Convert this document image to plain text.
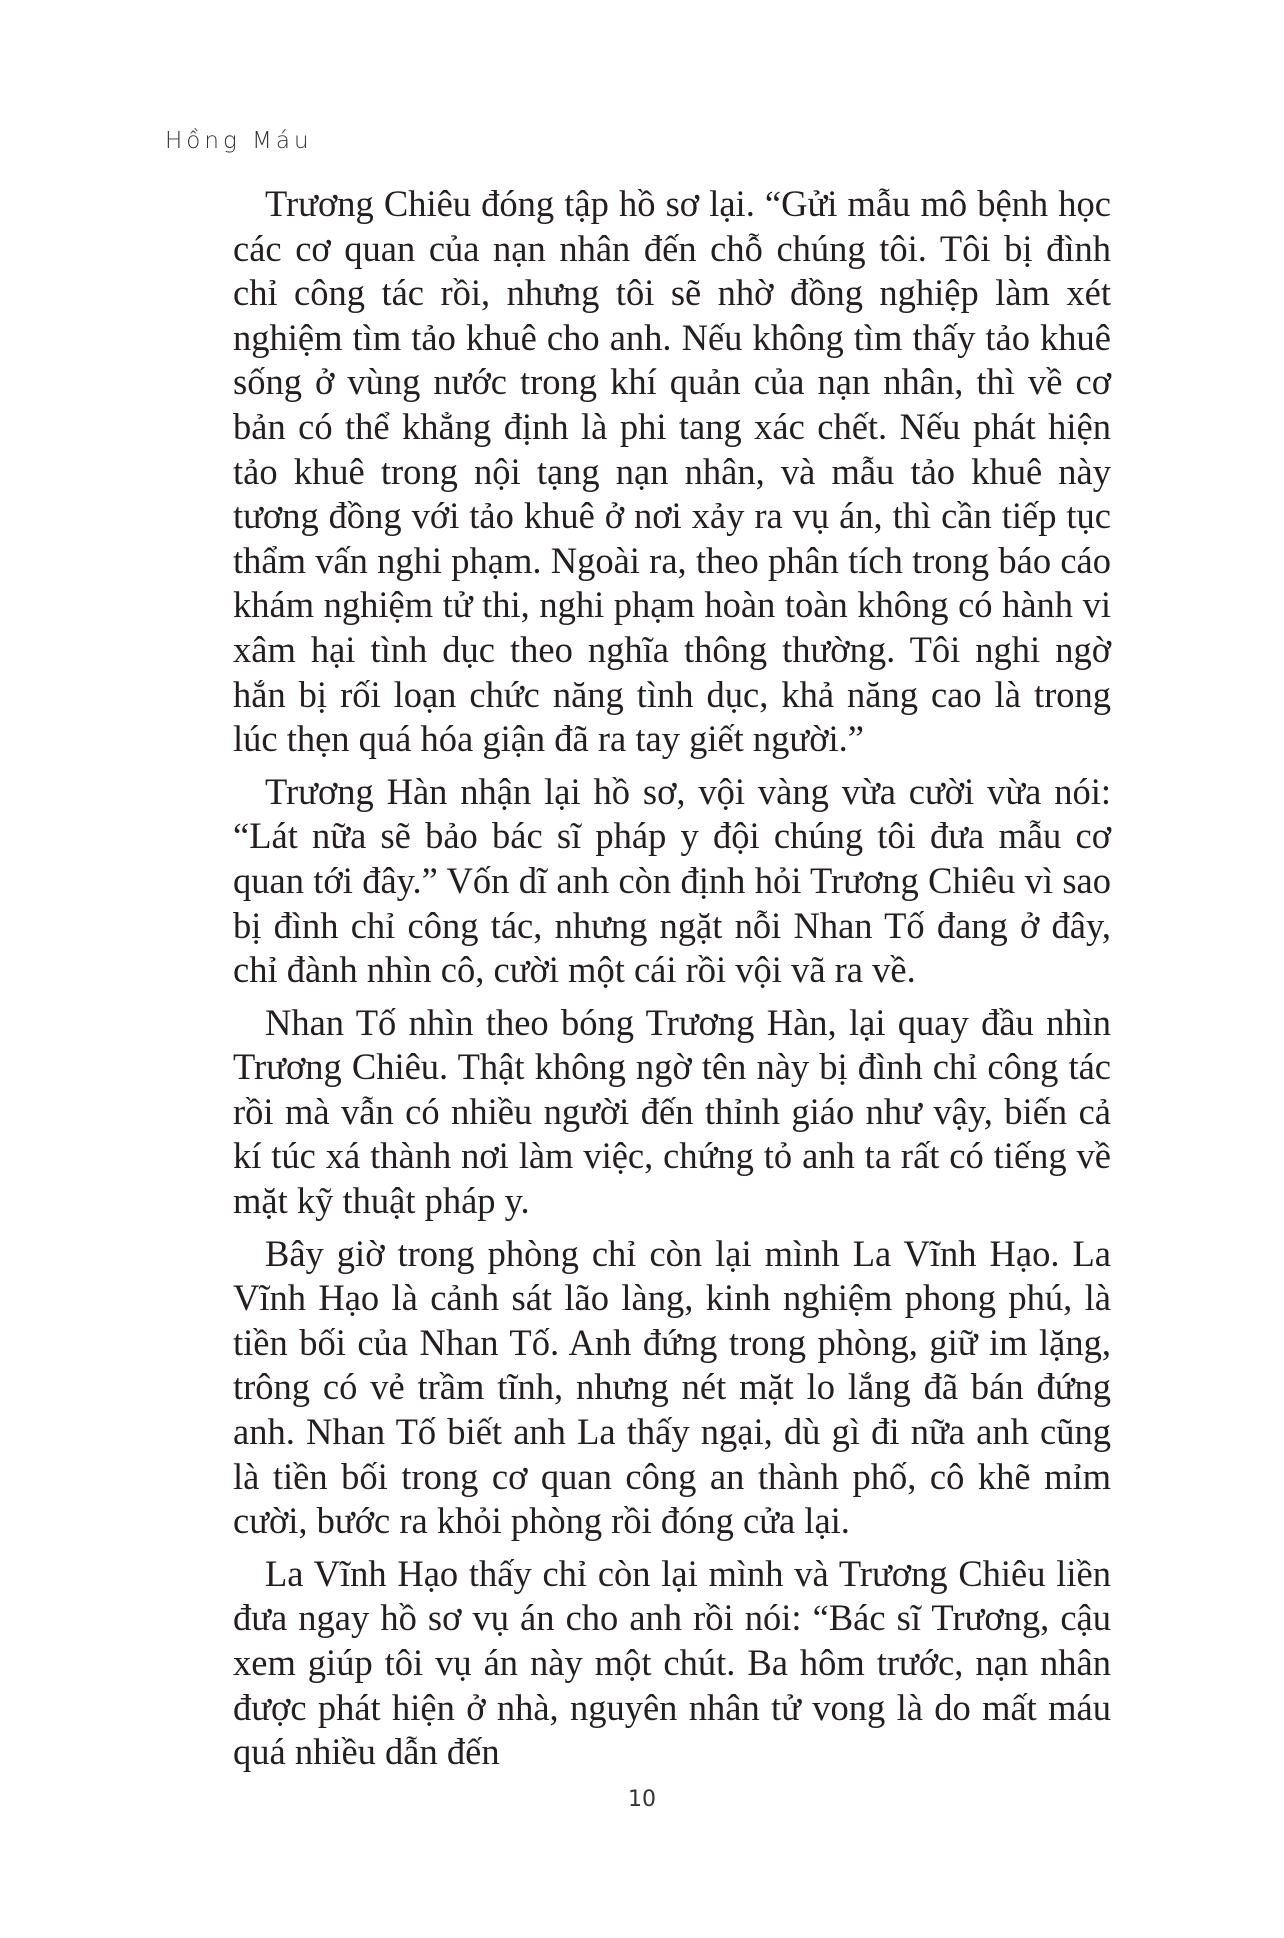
Hồng Máu

Trương Chiêu đóng tập hồ sơ lại. “Gửi mẫu mô bệnh học các cơ quan của nạn nhân đến chỗ chúng tôi. Tôi bị đình chỉ công tác rồi, nhưng tôi sẽ nhờ đồng nghiệp làm xét nghiệm tìm tảo khuê cho anh. Nếu không tìm thấy tảo khuê sống ở vùng nước trong khí quản của nạn nhân, thì về cơ bản có thể khẳng định là phi tang xác chết. Nếu phát hiện tảo khuê trong nội tạng nạn nhân, và mẫu tảo khuê này tương đồng với tảo khuê ở nơi xảy ra vụ án, thì cần tiếp tục thẩm vấn nghi phạm. Ngoài ra, theo phân tích trong báo cáo khám nghiệm tử thi, nghi phạm hoàn toàn không có hành vi xâm hại tình dục theo nghĩa thông thường. Tôi nghi ngờ hắn bị rối loạn chức năng tình dục, khả năng cao là trong lúc thẹn quá hóa giận đã ra tay giết người.”

Trương Hàn nhận lại hồ sơ, vội vàng vừa cười vừa nói: “Lát nữa sẽ bảo bác sĩ pháp y đội chúng tôi đưa mẫu cơ quan tới đây.” Vốn dĩ anh còn định hỏi Trương Chiêu vì sao bị đình chỉ công tác, nhưng ngặt nỗi Nhan Tố đang ở đây, chỉ đành nhìn cô, cười một cái rồi vội vã ra về.

Nhan Tố nhìn theo bóng Trương Hàn, lại quay đầu nhìn Trương Chiêu. Thật không ngờ tên này bị đình chỉ công tác rồi mà vẫn có nhiều người đến thỉnh giáo như vậy, biến cả kí túc xá thành nơi làm việc, chứng tỏ anh ta rất có tiếng về mặt kỹ thuật pháp y.

Bây giờ trong phòng chỉ còn lại mình La Vĩnh Hạo. La Vĩnh Hạo là cảnh sát lão làng, kinh nghiệm phong phú, là tiền bối của Nhan Tố. Anh đứng trong phòng, giữ im lặng, trông có vẻ trầm tĩnh, nhưng nét mặt lo lắng đã bán đứng anh. Nhan Tố biết anh La thấy ngại, dù gì đi nữa anh cũng là tiền bối trong cơ quan công an thành phố, cô khẽ mỉm cười, bước ra khỏi phòng rồi đóng cửa lại.

La Vĩnh Hạo thấy chỉ còn lại mình và Trương Chiêu liền đưa ngay hồ sơ vụ án cho anh rồi nói: “Bác sĩ Trương, cậu xem giúp tôi vụ án này một chút. Ba hôm trước, nạn nhân được phát hiện ở nhà, nguyên nhân tử vong là do mất máu quá nhiều dẫn đến

10
